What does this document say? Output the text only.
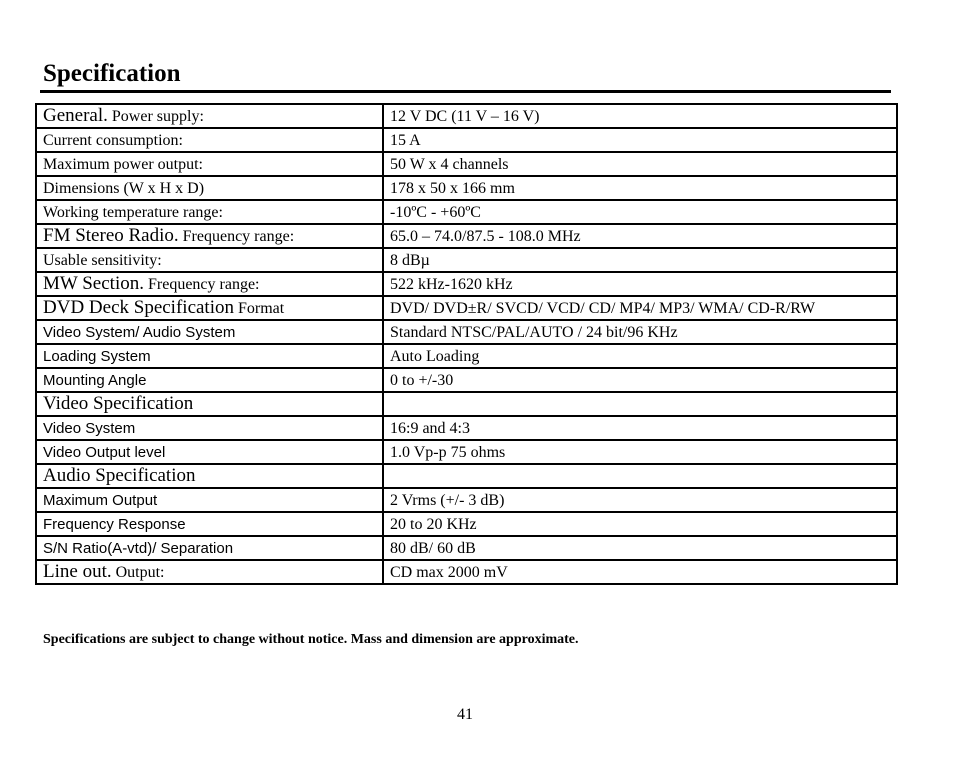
Specification
General. Power supply:	12 V DC (11 V – 16 V)
Current consumption:	15 A
Maximum power output:	50 W x 4 channels
Dimensions (W x H x D)	178 x 50 x 166 mm
Working temperature range:	-10ºC - +60ºC
FM Stereo Radio. Frequency range:	65.0 – 74.0/87.5 - 108.0 MHz
Usable sensitivity:	8 dBµ
MW Section. Frequency range:	522 kHz-1620 kHz
DVD Deck Specification Format	DVD/ DVD±R/ SVCD/ VCD/ CD/ MP4/ MP3/ WMA/ CD-R/RW
Video System/ Audio System	Standard NTSC/PAL/AUTO / 24 bit/96 KHz
Loading System	Auto Loading
Mounting Angle	0 to +/-30
Video Specification	
Video System	16:9 and 4:3
Video Output level	1.0 Vp-p 75 ohms
Audio Specification	
Maximum Output	2 Vrms (+/- 3 dB)
Frequency Response	20 to 20 KHz
S/N Ratio(A-vtd)/ Separation	80 dB/ 60 dB
Line out. Output:	CD max 2000 mV

Specifications are subject to change without notice. Mass and dimension are approximate.

41
